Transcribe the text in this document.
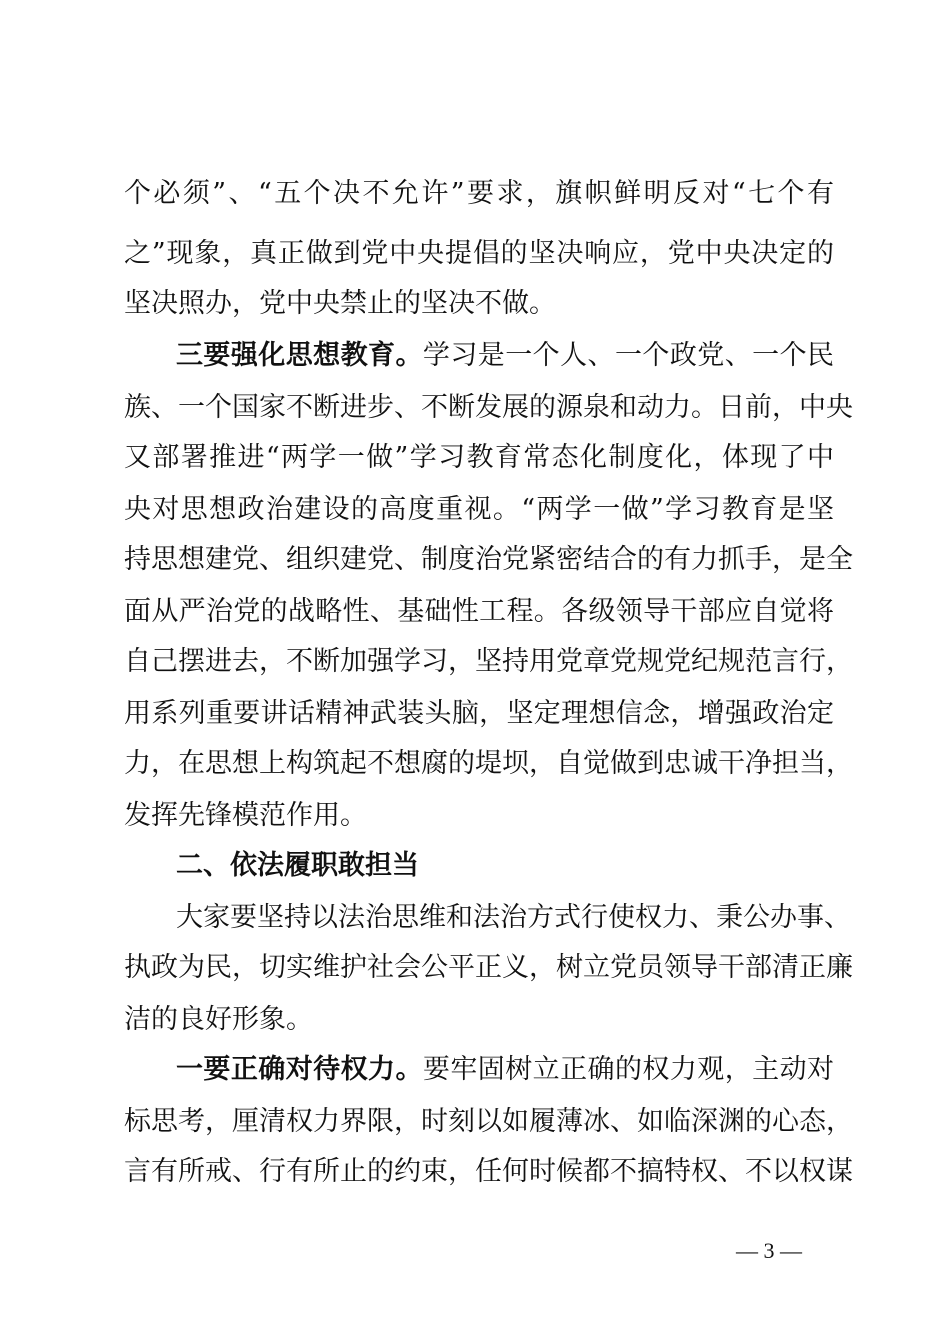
个必须”、“五个决不允许”要求，旗帜鲜明反对“七个有
之”现象，真正做到党中央提倡的坚决响应，党中央决定的
坚决照办，党中央禁止的坚决不做。
三要强化思想教育。学习是一个人、一个政党、一个民
族、一个国家不断进步、不断发展的源泉和动力。日前，中央
又部署推进“两学一做”学习教育常态化制度化，体现了中
央对思想政治建设的高度重视。“两学一做”学习教育是坚
持思想建党、组织建党、制度治党紧密结合的有力抓手，是全
面从严治党的战略性、基础性工程。各级领导干部应自觉将
自己摆进去，不断加强学习，坚持用党章党规党纪规范言行，
用系列重要讲话精神武装头脑，坚定理想信念，增强政治定
力，在思想上构筑起不想腐的堤坝，自觉做到忠诚干净担当，
发挥先锋模范作用。
二、依法履职敢担当
大家要坚持以法治思维和法治方式行使权力、秉公办事、
执政为民，切实维护社会公平正义，树立党员领导干部清正廉
洁的良好形象。
一要正确对待权力。要牢固树立正确的权力观，主动对
标思考，厘清权力界限，时刻以如履薄冰、如临深渊的心态，
言有所戒、行有所止的约束，任何时候都不搞特权、不以权谋
— 3 —
